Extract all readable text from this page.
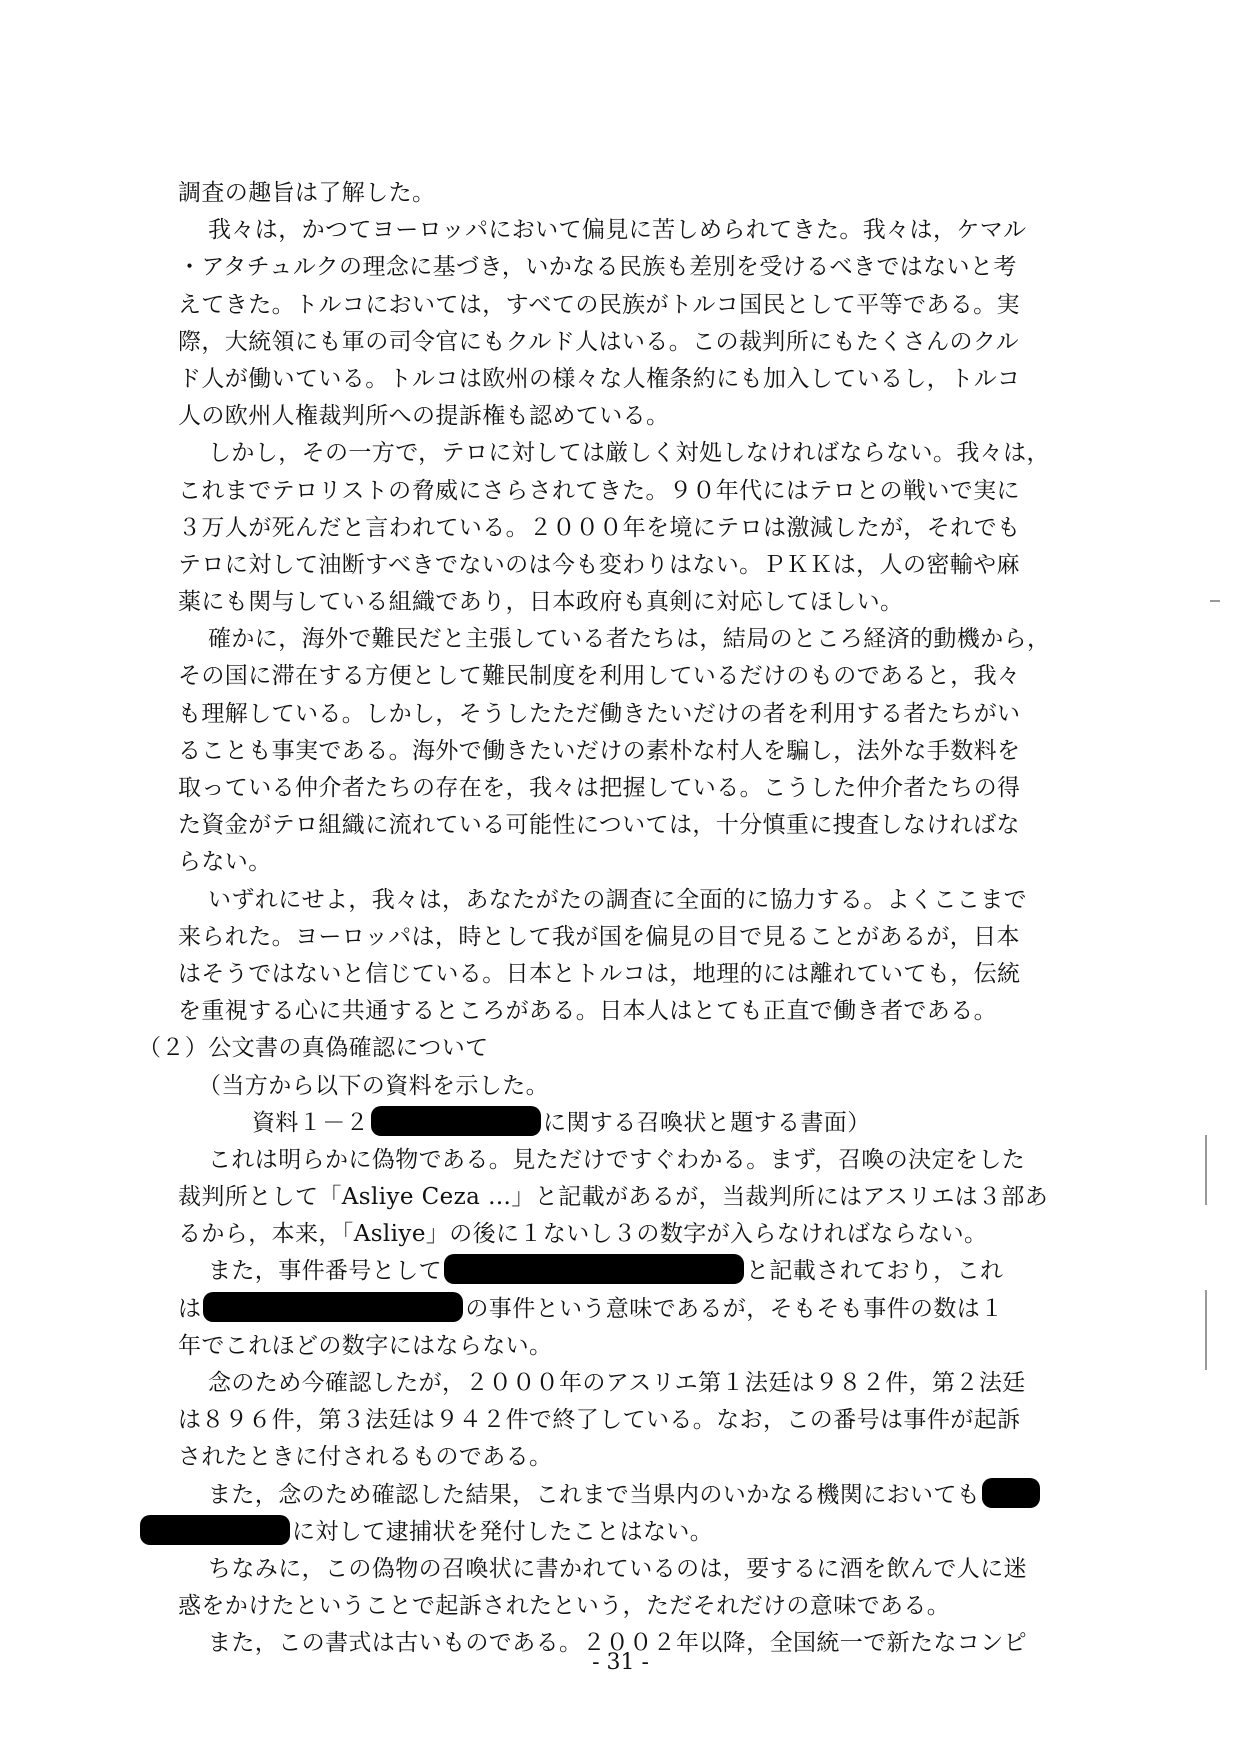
調査の趣旨は了解した。
我々は，かつてヨーロッパにおいて偏見に苦しめられてきた。我々は，ケマル
・アタチュルクの理念に基づき，いかなる民族も差別を受けるべきではないと考
えてきた。トルコにおいては，すべての民族がトルコ国民として平等である。実
際，大統領にも軍の司令官にもクルド人はいる。この裁判所にもたくさんのクル
ド人が働いている。トルコは欧州の様々な人権条約にも加入しているし，トルコ
人の欧州人権裁判所への提訴権も認めている。
しかし，その一方で，テロに対しては厳しく対処しなければならない。我々は，
これまでテロリストの脅威にさらされてきた。９０年代にはテロとの戦いで実に
３万人が死んだと言われている。２０００年を境にテロは激減したが，それでも
テロに対して油断すべきでないのは今も変わりはない。ＰＫＫは，人の密輸や麻
薬にも関与している組織であり，日本政府も真剣に対応してほしい。
確かに，海外で難民だと主張している者たちは，結局のところ経済的動機から，
その国に滞在する方便として難民制度を利用しているだけのものであると，我々
も理解している。しかし，そうしたただ働きたいだけの者を利用する者たちがい
ることも事実である。海外で働きたいだけの素朴な村人を騙し，法外な手数料を
取っている仲介者たちの存在を，我々は把握している。こうした仲介者たちの得
た資金がテロ組織に流れている可能性については，十分慎重に捜査しなければな
らない。
いずれにせよ，我々は，あなたがたの調査に全面的に協力する。よくここまで
来られた。ヨーロッパは，時として我が国を偏見の目で見ることがあるが，日本
はそうではないと信じている。日本とトルコは，地理的には離れていても，伝統
を重視する心に共通するところがある。日本人はとても正直で働き者である。
（２）公文書の真偽確認について
（当方から以下の資料を示した。
資料１－２	に関する召喚状と題する書面）
これは明らかに偽物である。見ただけですぐわかる。まず，召喚の決定をした
裁判所として「Asliye Ceza …」と記載があるが，当裁判所にはアスリエは３部あ
るから，本来，「Asliye」の後に１ないし３の数字が入らなければならない。
また，事件番号として	と記載されており，これ
は	の事件という意味であるが，そもそも事件の数は１
年でこれほどの数字にはならない。
念のため今確認したが，２０００年のアスリエ第１法廷は９８２件，第２法廷
は８９６件，第３法廷は９４２件で終了している。なお，この番号は事件が起訴
されたときに付されるものである。
また，念のため確認した結果，これまで当県内のいかなる機関においても
に対して逮捕状を発付したことはない。
ちなみに，この偽物の召喚状に書かれているのは，要するに酒を飲んで人に迷
惑をかけたということで起訴されたという，ただそれだけの意味である。
また，この書式は古いものである。２００２年以降，全国統一で新たなコンピ
- 31 -
